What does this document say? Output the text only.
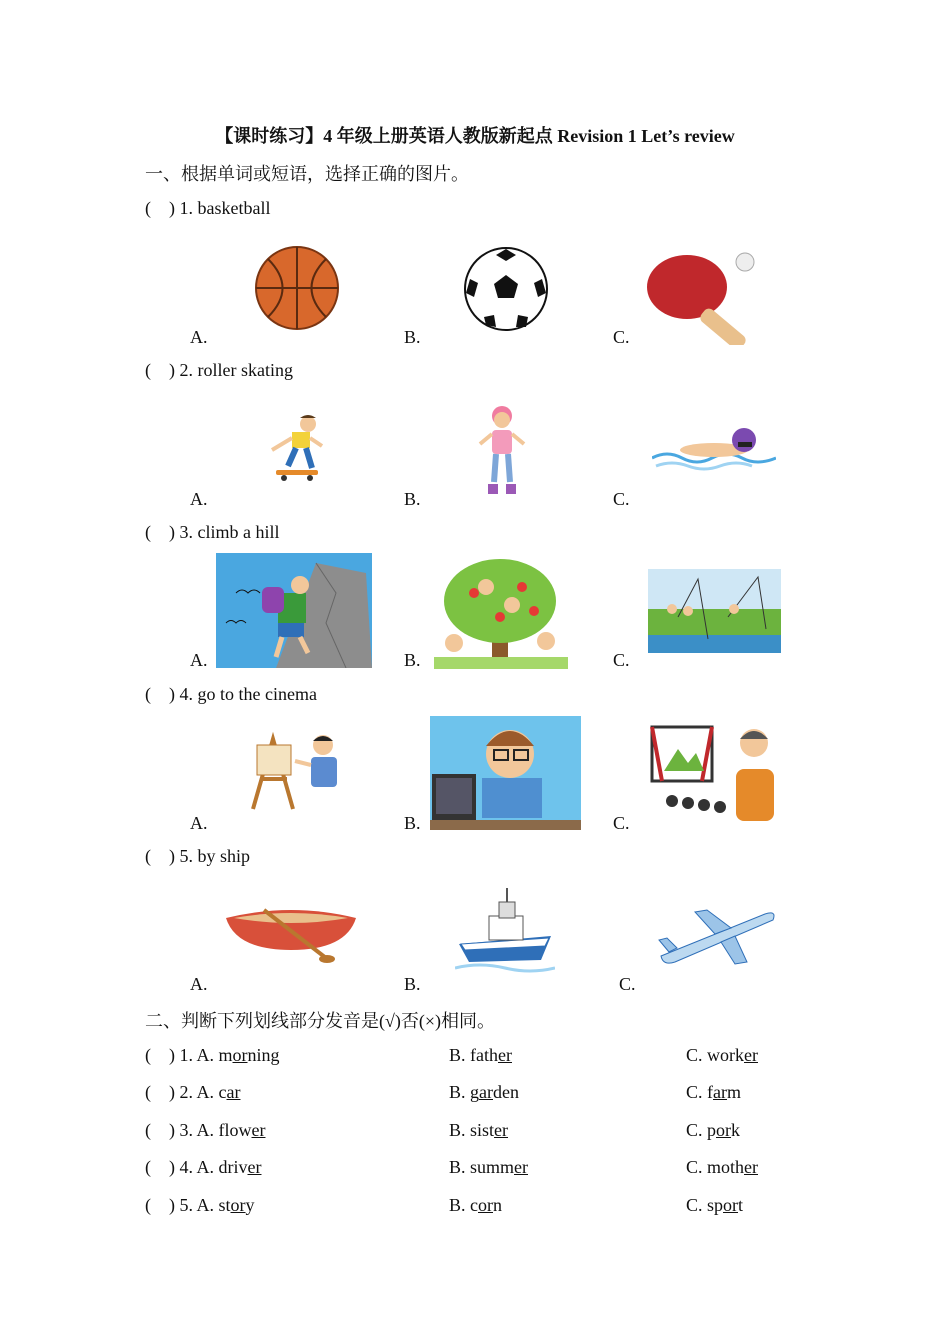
【课时练习】4 年级上册英语人教版新起点 Revision 1 Let’s review
一、根据单词或短语，选择正确的图片。
(    ) 1. basketball
A.	B.	C.
(    ) 2. roller skating
A.	B.	C.
(    ) 3. climb a hill
A.	B.	C.
(    ) 4. go to the cinema
A.	B.	C.
(    ) 5. by ship
A.	B.	C.
二、判断下列划线部分发音是(√)否(×)相同。
(    ) 1. A. morning	B. father	C. worker
(    ) 2. A. car	B. garden	C. farm
(    ) 3. A. flower	B. sister	C. pork
(    ) 4. A. driver	B. summer	C. mother
(    ) 5. A. story	B. corn	C. sport
